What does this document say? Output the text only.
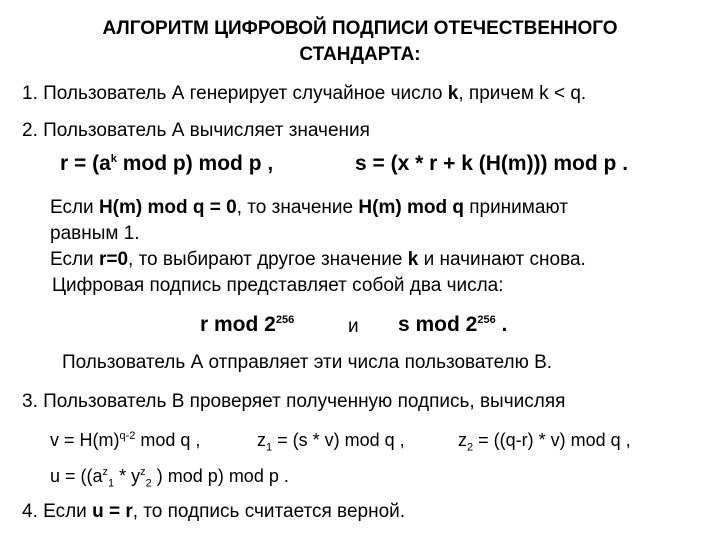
АЛГОРИТМ ЦИФРОВОЙ ПОДПИСИ ОТЕЧЕСТВЕННОГО
СТАНДАРТА:
1. Пользователь А генерирует случайное число k, причем k < q.
2. Пользователь А вычисляет значения
$r = (a^k$ mod p) mod p ,	s = (x * r + k (H(m))) mod p .
Если H(m) mod q = 0, то значение H(m) mod q принимают
равным 1.
Если r=0, то выбирают другое значение k и начинают снова.
Цифровая подпись представляет собой два числа:
r mod $2^{256}$	и s mod $2^{256}$ .
Пользователь А отправляет эти числа пользователю В.
3. Пользователь В проверяет полученную подпись, вычисляя
$v = H(m)^{q-2}$ mod q ,	$z_1 = (s * v)$ mod q ,	$z_2 = ((q-r) * v)$ mod q ,
$u = ((a^z_1 * y^z_2$ ) mod p) mod p .
4. Если u = r, то подпись считается верной.
